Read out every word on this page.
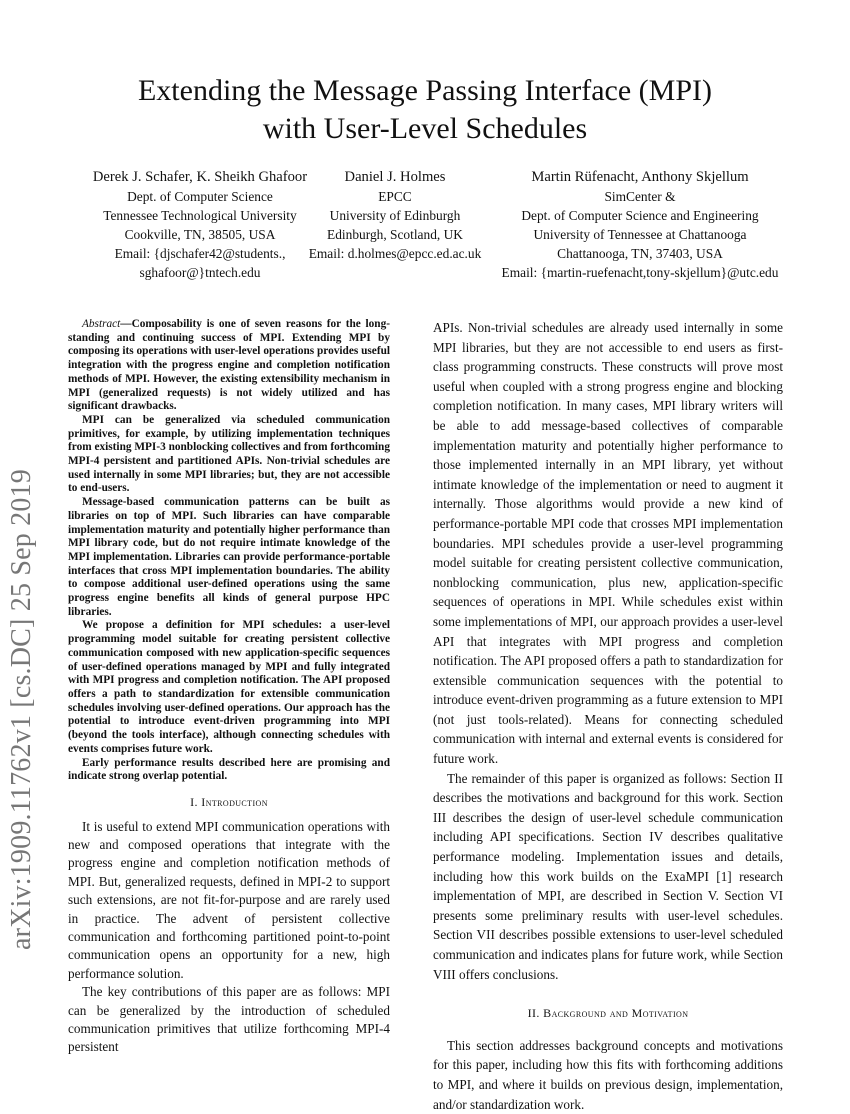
Extending the Message Passing Interface (MPI)
with User-Level Schedules
Derek J. Schafer, K. Sheikh Ghafoor
Dept. of Computer Science
Tennessee Technological University
Cookville, TN, 38505, USA
Email: {djschafer42@students.,
sghafoor@}tntech.edu
Daniel J. Holmes
EPCC
University of Edinburgh
Edinburgh, Scotland, UK
Email: d.holmes@epcc.ed.ac.uk
Martin Rüfenacht, Anthony Skjellum
SimCenter &
Dept. of Computer Science and Engineering
University of Tennessee at Chattanooga
Chattanooga, TN, 37403, USA
Email: {martin-ruefenacht,tony-skjellum}@utc.edu
arXiv:1909.11762v1 [cs.DC] 25 Sep 2019

Abstract—Composability is one of seven reasons for the long-standing and continuing success of MPI. Extending MPI by composing its operations with user-level operations provides useful integration with the progress engine and completion notification methods of MPI. However, the existing extensibility mechanism in MPI (generalized requests) is not widely utilized and has significant drawbacks.

MPI can be generalized via scheduled communication primitives, for example, by utilizing implementation techniques from existing MPI-3 nonblocking collectives and from forthcoming MPI-4 persistent and partitioned APIs. Non-trivial schedules are used internally in some MPI libraries; but, they are not accessible to end-users.

Message-based communication patterns can be built as libraries on top of MPI. Such libraries can have comparable implementation maturity and potentially higher performance than MPI library code, but do not require intimate knowledge of the MPI implementation. Libraries can provide performance-portable interfaces that cross MPI implementation boundaries. The ability to compose additional user-defined operations using the same progress engine benefits all kinds of general purpose HPC libraries.

We propose a definition for MPI schedules: a user-level programming model suitable for creating persistent collective communication composed with new application-specific sequences of user-defined operations managed by MPI and fully integrated with MPI progress and completion notification. The API proposed offers a path to standardization for extensible communication schedules involving user-defined operations. Our approach has the potential to introduce event-driven programming into MPI (beyond the tools interface), although connecting schedules with events comprises future work.

Early performance results described here are promising and indicate strong overlap potential.

I. Introduction

It is useful to extend MPI communication operations with new and composed operations that integrate with the progress engine and completion notification methods of MPI. But, generalized requests, defined in MPI-2 to support such extensions, are not fit-for-purpose and are rarely used in practice. The advent of persistent collective communication and forthcoming partitioned point-to-point communication opens an opportunity for a new, high performance solution.

The key contributions of this paper are as follows: MPI can be generalized by the introduction of scheduled communication primitives that utilize forthcoming MPI-4 persistent

APIs. Non-trivial schedules are already used internally in some MPI libraries, but they are not accessible to end users as first-class programming constructs. These constructs will prove most useful when coupled with a strong progress engine and blocking completion notification. In many cases, MPI library writers will be able to add message-based collectives of comparable implementation maturity and potentially higher performance to those implemented internally in an MPI library, yet without intimate knowledge of the implementation or need to augment it internally. Those algorithms would provide a new kind of performance-portable MPI code that crosses MPI implementation boundaries. MPI schedules provide a user-level programming model suitable for creating persistent collective communication, nonblocking communication, plus new, application-specific sequences of operations in MPI. While schedules exist within some implementations of MPI, our approach provides a user-level API that integrates with MPI progress and completion notification. The API proposed offers a path to standardization for extensible communication sequences with the potential to introduce event-driven programming as a future extension to MPI (not just tools-related). Means for connecting scheduled communication with internal and external events is considered for future work.

The remainder of this paper is organized as follows: Section II describes the motivations and background for this work. Section III describes the design of user-level schedule communication including API specifications. Section IV describes qualitative performance modeling. Implementation issues and details, including how this work builds on the ExaMPI [1] research implementation of MPI, are described in Section V. Section VI presents some preliminary results with user-level schedules. Section VII describes possible extensions to user-level scheduled communication and indicates plans for future work, while Section VIII offers conclusions.

II. Background and Motivation

This section addresses background concepts and motivations for this paper, including how this fits with forthcoming additions to MPI, and where it builds on previous design, implementation, and/or standardization work.
